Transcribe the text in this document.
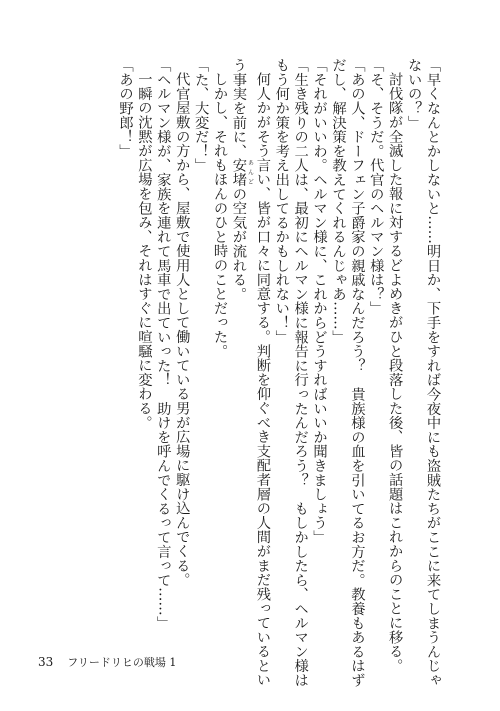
「早くなんとかしないと……明日か、下手をすれば今夜中にも盗賊たちがここに来てしまうんじゃ
ないの？」
討伐隊が全滅した報に対するどよめきがひと段落した後、皆の話題はこれからのことに移る。
「そ、そうだ。代官のヘルマン様は？」
「あの人、ドーフェン子爵家の親戚なんだろう？　貴族様の血を引いてるお方だ。教養もあるはず
だし、解決策を教えてくれるんじゃあ……」
「それがいいわ。ヘルマン様に、これからどうすればいいか聞きましょう」
「生き残りの二人は、最初にヘルマン様に報告に行ったんだろう？　もしかしたら、ヘルマン様は
もう何か策を考え出してるかもしれない！」
何人かがそう言い、皆が口々に同意する。判断を仰ぐべき支配者層の人間がまだ残っているとい
う事実を前に、安堵 あんどの空気が流れる。
しかし、それもほんのひと時のことだった。
「た、大変だ！」
代官屋敷の方から、屋敷で使用人として働いている男が広場に駆け込んでくる。
「ヘルマン様が、家族を連れて馬車で出ていった！　助けを呼んでくるって言って……」
一瞬の沈黙が広場を包み、それはすぐに喧騒に変わる。
「あの野郎！」
33 フリードリヒの戦場 1
